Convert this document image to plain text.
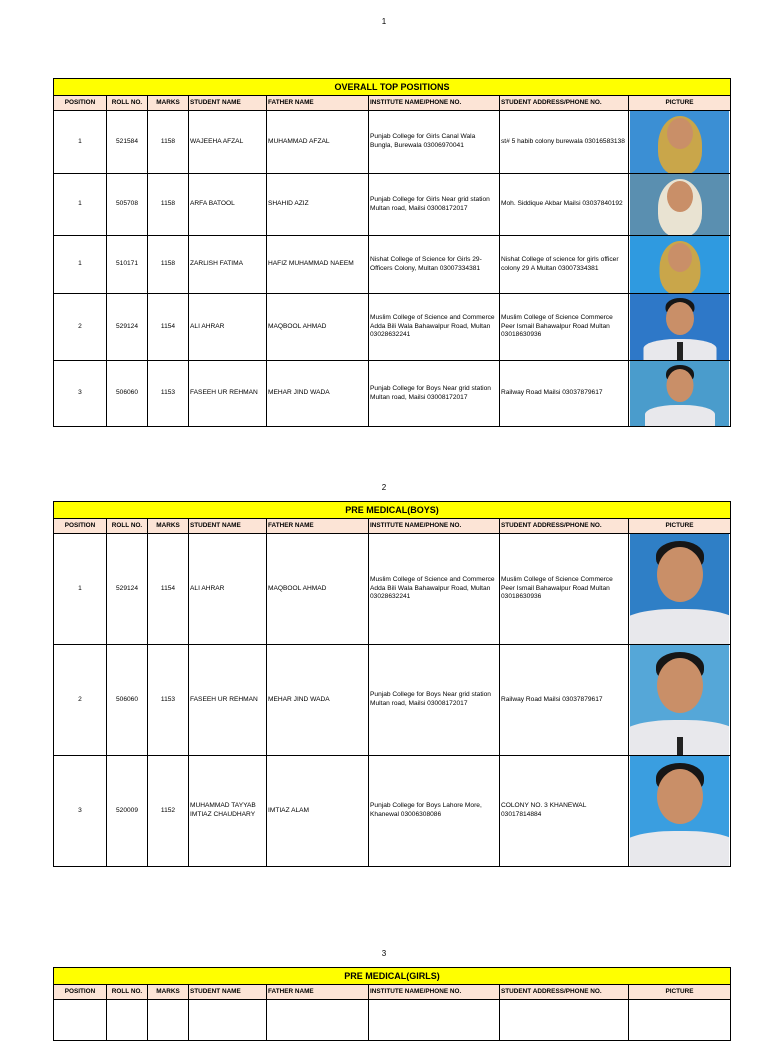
1
OVERALL TOP POSITIONS							
POSITION	ROLL NO.	MARKS	STUDENT NAME	FATHER NAME	INSTITUTE NAME/PHONE NO.	STUDENT ADDRESS/PHONE NO.	PICTURE
1	521584	1158	WAJEEHA AFZAL	MUHAMMAD AFZAL	Punjab College for Girls Canal Wala Bungla, Burewala 03006970041	st# 5 habib colony burewala 03016583138	

1	505708	1158	ARFA BATOOL	SHAHID AZIZ	Punjab College for Girls Near grid station Multan road, Mailsi 03008172017	Moh. Siddique Akbar Mailsi 03037840192	

1	510171	1158	ZARLISH FATIMA	HAFIZ MUHAMMAD NAEEM	Nishat College of Science for Girls 29-Officers Colony, Multan 03007334381	Nishat College of science for girls officer colony 29 A Multan 03007334381	

2	529124	1154	ALI AHRAR	MAQBOOL AHMAD	Muslim College of Science and Commerce Adda Bili Wala Bahawalpur Road, Multan 03028632241	Muslim College of Science Commerce Peer Ismail Bahawalpur Road Multan 03018630936	

3	506060	1153	FASEEH UR REHMAN	MEHAR JIND WADA	Punjab College for Boys Near grid station Multan road, Mailsi 03008172017	Railway Road Mailsi 03037879617	
2
PRE MEDICAL(BOYS)							
POSITION	ROLL NO.	MARKS	STUDENT NAME	FATHER NAME	INSTITUTE NAME/PHONE NO.	STUDENT ADDRESS/PHONE NO.	PICTURE
1	529124	1154	ALI AHRAR	MAQBOOL AHMAD	Muslim College of Science and Commerce Adda Bili Wala Bahawalpur Road, Multan 03028632241	Muslim College of Science Commerce Peer Ismail Bahawalpur Road Multan 03018630936	

2	506060	1153	FASEEH UR REHMAN	MEHAR JIND WADA	Punjab College for Boys Near grid station Multan road, Mailsi 03008172017	Railway Road Mailsi 03037879617	

3	520009	1152	MUHAMMAD TAYYAB IMTIAZ CHAUDHARY	IMTIAZ ALAM	Punjab College for Boys Lahore More, Khanewal 03006308086	COLONY NO. 3 KHANEWAL 03017814884	
3
PRE MEDICAL(GIRLS)							
POSITION	ROLL NO.	MARKS	STUDENT NAME	FATHER NAME	INSTITUTE NAME/PHONE NO.	STUDENT ADDRESS/PHONE NO.	PICTURE
